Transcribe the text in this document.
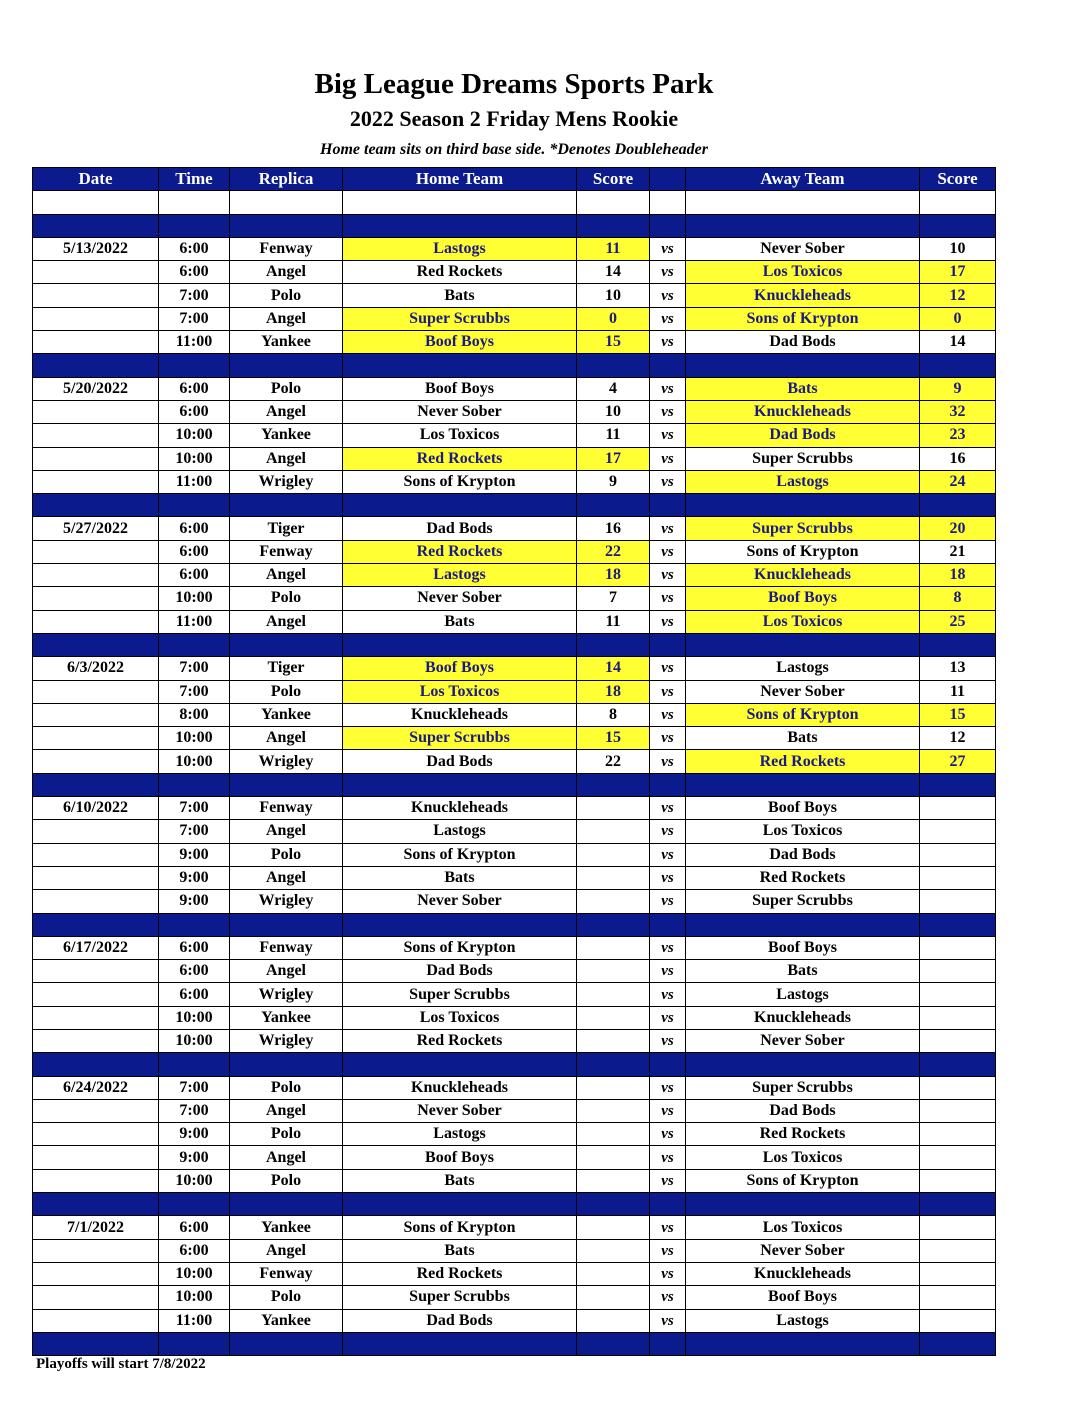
Big League Dreams Sports Park
2022 Season 2 Friday Mens Rookie
Home team sits on third base side. *Denotes Doubleheader
Date	Time	Replica	Home Team	Score		Away Team	Score

5/13/2022	6:00	Fenway	Lastogs	11	vs	Never Sober	10
	6:00	Angel	Red Rockets	14	vs	Los Toxicos	17
	7:00	Polo	Bats	10	vs	Knuckleheads	12
	7:00	Angel	Super Scrubbs	0	vs	Sons of Krypton	0
	11:00	Yankee	Boof Boys	15	vs	Dad Bods	14

5/20/2022	6:00	Polo	Boof Boys	4	vs	Bats	9
	6:00	Angel	Never Sober	10	vs	Knuckleheads	32
	10:00	Yankee	Los Toxicos	11	vs	Dad Bods	23
	10:00	Angel	Red Rockets	17	vs	Super Scrubbs	16
	11:00	Wrigley	Sons of Krypton	9	vs	Lastogs	24

5/27/2022	6:00	Tiger	Dad Bods	16	vs	Super Scrubbs	20
	6:00	Fenway	Red Rockets	22	vs	Sons of Krypton	21
	6:00	Angel	Lastogs	18	vs	Knuckleheads	18
	10:00	Polo	Never Sober	7	vs	Boof Boys	8
	11:00	Angel	Bats	11	vs	Los Toxicos	25

6/3/2022	7:00	Tiger	Boof Boys	14	vs	Lastogs	13
	7:00	Polo	Los Toxicos	18	vs	Never Sober	11
	8:00	Yankee	Knuckleheads	8	vs	Sons of Krypton	15
	10:00	Angel	Super Scrubbs	15	vs	Bats	12
	10:00	Wrigley	Dad Bods	22	vs	Red Rockets	27

6/10/2022	7:00	Fenway	Knuckleheads		vs	Boof Boys	
	7:00	Angel	Lastogs		vs	Los Toxicos	
	9:00	Polo	Sons of Krypton		vs	Dad Bods	
	9:00	Angel	Bats		vs	Red Rockets	
	9:00	Wrigley	Never Sober		vs	Super Scrubbs	

6/17/2022	6:00	Fenway	Sons of Krypton		vs	Boof Boys	
	6:00	Angel	Dad Bods		vs	Bats	
	6:00	Wrigley	Super Scrubbs		vs	Lastogs	
	10:00	Yankee	Los Toxicos		vs	Knuckleheads	
	10:00	Wrigley	Red Rockets		vs	Never Sober	

6/24/2022	7:00	Polo	Knuckleheads		vs	Super Scrubbs	
	7:00	Angel	Never Sober		vs	Dad Bods	
	9:00	Polo	Lastogs		vs	Red Rockets	
	9:00	Angel	Boof Boys		vs	Los Toxicos	
	10:00	Polo	Bats		vs	Sons of Krypton	

7/1/2022	6:00	Yankee	Sons of Krypton		vs	Los Toxicos	
	6:00	Angel	Bats		vs	Never Sober	
	10:00	Fenway	Red Rockets		vs	Knuckleheads	
	10:00	Polo	Super Scrubbs		vs	Boof Boys	
	11:00	Yankee	Dad Bods		vs	Lastogs	

Playoffs will start 7/8/2022
